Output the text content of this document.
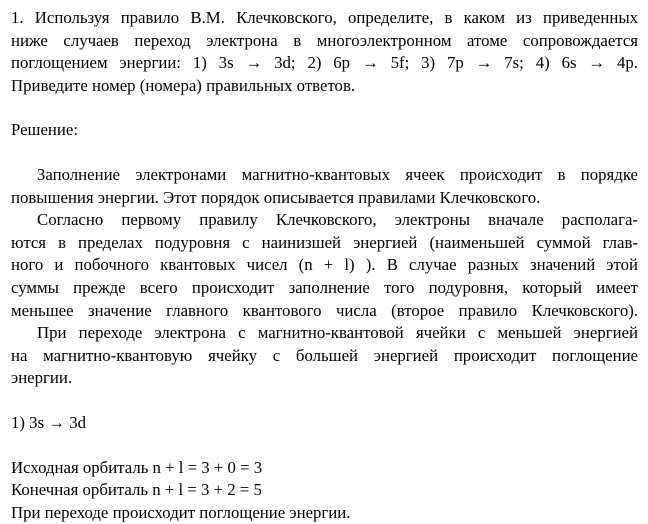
1. Используя правило В.М. Клечковского, определите, в каком из приведенных

ниже случаев переход электрона в многоэлектронном атоме сопровождается

поглощением энергии: 1) 3s → 3d; 2) 6p → 5f; 3) 7p → 7s; 4) 6s → 4p.

Приведите номер (номера) правильных ответов.

Решение:

Заполнение электронами магнитно-квантовых ячеек происходит в порядке

повышения энергии. Этот порядок описывается правилами Клечковского.

Согласно первому правилу Клечковского, электроны вначале располага-

ются в пределах подуровня с наинизшей энергией (наименьшей суммой глав-

ного и побочного квантовых чисел (n + l) ). В случае разных значений этой

суммы прежде всего происходит заполнение того подуровня, который имеет

меньшее значение главного квантового числа (второе правило Клечковского).

При переходе электрона с магнитно-квантовой ячейки с меньшей энергией

на магнитно-квантовую ячейку с большей энергией происходит поглощение

энергии.

1) 3s → 3d

Исходная орбиталь n + l = 3 + 0 = 3

Конечная орбиталь n + l = 3 + 2 = 5

При переходе происходит поглощение энергии.
